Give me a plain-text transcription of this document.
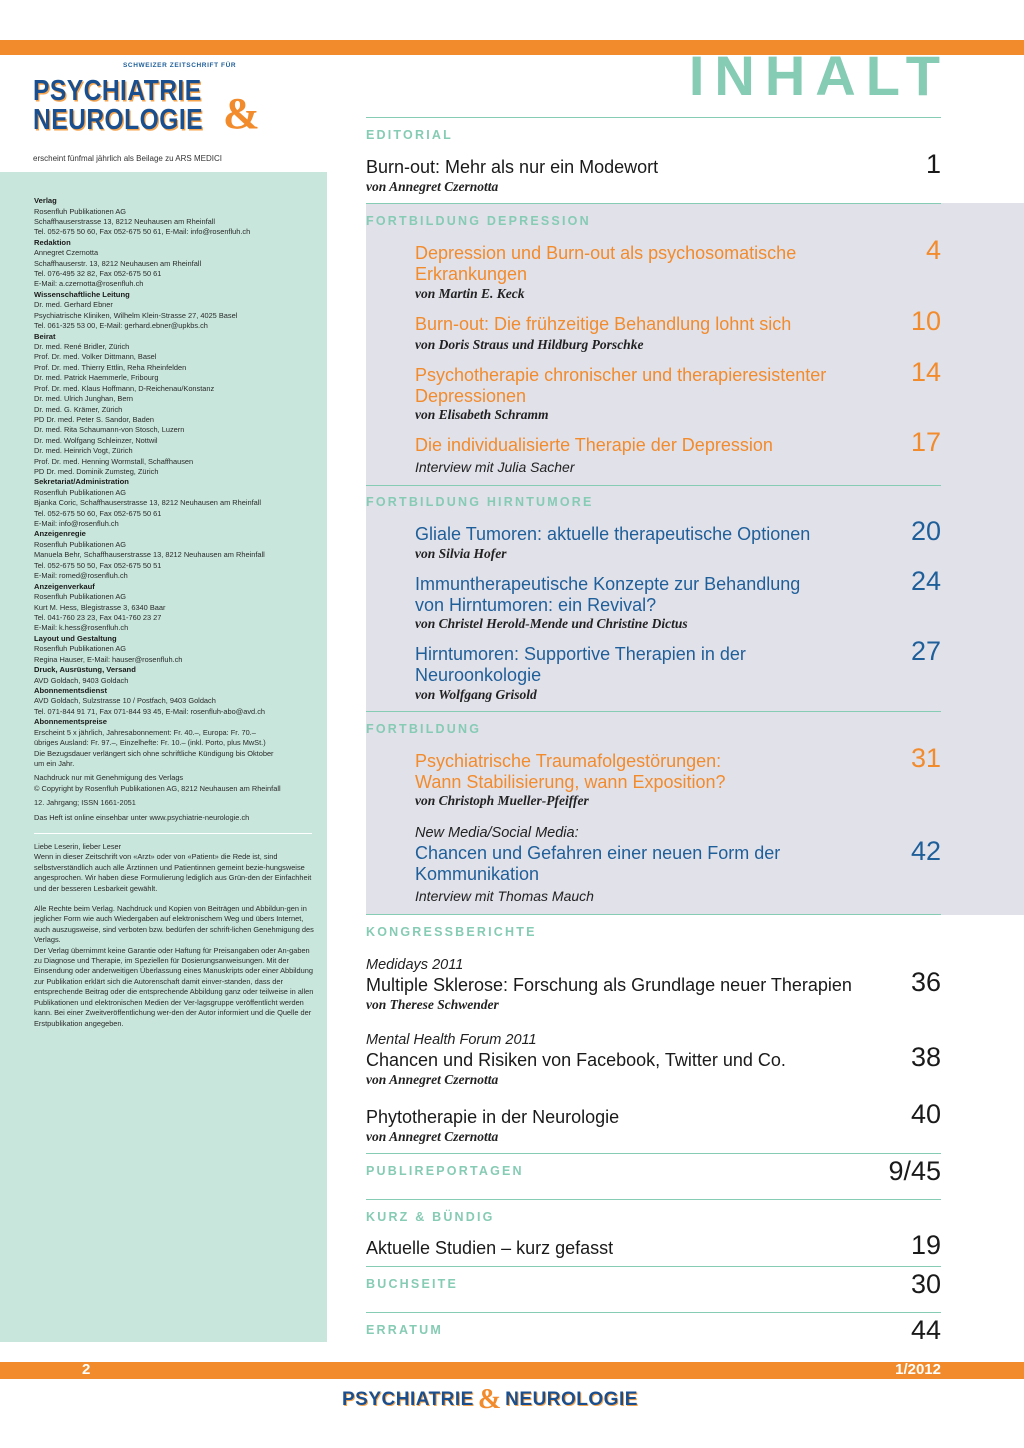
SCHWEIZER ZEITSCHRIFT FÜR
PSYCHIATRIE
NEUROLOGIE &
erscheint fünfmal jährlich als Beilage zu ARS MEDICI
INHALT
Verlag
Rosenfluh Publikationen AG
Schaffhauserstrasse 13, 8212 Neuhausen am Rheinfall
Tel. 052-675 50 60, Fax 052-675 50 61, E-Mail: info@rosenfluh.ch
Redaktion
Annegret Czernotta
Schaffhauserstr. 13, 8212 Neuhausen am Rheinfall
Tel. 076-495 32 82, Fax 052-675 50 61
E-Mail: a.czernotta@rosenfluh.ch
Wissenschaftliche Leitung
Dr. med. Gerhard Ebner
Psychiatrische Kliniken, Wilhelm Klein-Strasse 27, 4025 Basel
Tel. 061-325 53 00, E-Mail: gerhard.ebner@upkbs.ch
Beirat
Dr. med. René Bridler, Zürich
Prof. Dr. med. Volker Dittmann, Basel
Prof. Dr. med. Thierry Ettlin, Reha Rheinfelden
Dr. med. Patrick Haemmerle, Fribourg
Prof. Dr. med. Klaus Hoffmann, D-Reichenau/Konstanz
Dr. med. Ulrich Junghan, Bern
Dr. med. G. Krämer, Zürich
PD Dr. med. Peter S. Sandor, Baden
Dr. med. Rita Schaumann-von Stosch, Luzern
Dr. med. Wolfgang Schleinzer, Nottwil
Dr. med. Heinrich Vogt, Zürich
Prof. Dr. med. Henning Wormstall, Schaffhausen
PD Dr. med. Dominik Zumsteg, Zürich
Sekretariat/Administration
Rosenfluh Publikationen AG
Bjanka Coric, Schaffhauserstrasse 13, 8212 Neuhausen am Rheinfall
Tel. 052-675 50 60, Fax 052-675 50 61
E-Mail: info@rosenfluh.ch
Anzeigenregie
Rosenfluh Publikationen AG
Manuela Behr, Schaffhauserstrasse 13, 8212 Neuhausen am Rheinfall
Tel. 052-675 50 50, Fax 052-675 50 51
E-Mail: romed@rosenfluh.ch
Anzeigenverkauf
Rosenfluh Publikationen AG
Kurt M. Hess, Blegistrasse 3, 6340 Baar
Tel. 041-760 23 23, Fax 041-760 23 27
E-Mail: k.hess@rosenfluh.ch
Layout und Gestaltung
Rosenfluh Publikationen AG
Regina Hauser, E-Mail: hauser@rosenfluh.ch
Druck, Ausrüstung, Versand
AVD Goldach, 9403 Goldach
Abonnementsdienst
AVD Goldach, Sulzstrasse 10 / Postfach, 9403 Goldach
Tel. 071-844 91 71, Fax 071-844 93 45, E-Mail: rosenfluh-abo@avd.ch
Abonnementspreise
Erscheint 5 x jährlich, Jahresabonnement: Fr. 40.–, Europa: Fr. 70.–
übriges Ausland: Fr. 97.–, Einzelhefte: Fr. 10.– (inkl. Porto, plus MwSt.)
Die Bezugsdauer verlängert sich ohne schriftliche Kündigung bis Oktober
um ein Jahr.
Nachdruck nur mit Genehmigung des Verlags
© Copyright by Rosenfluh Publikationen AG, 8212 Neuhausen am Rheinfall
12. Jahrgang; ISSN 1661-2051
Das Heft ist online einsehbar unter www.psychiatrie-neurologie.ch
Liebe Leserin, lieber Leser
Wenn in dieser Zeitschrift von «Arzt» oder von «Patient» die Rede ist, sind selbstverständlich auch alle Ärztinnen und Patientinnen gemeint bezie-hungsweise angesprochen. Wir haben diese Formulierung lediglich aus Grün-den der Einfachheit und der besseren Lesbarkeit gewählt.
Alle Rechte beim Verlag. Nachdruck und Kopien von Beiträgen und Abbildun-gen in jeglicher Form wie auch Wiedergaben auf elektronischem Weg und übers Internet, auch auszugsweise, sind verboten bzw. bedürfen der schrift-lichen Genehmigung des Verlags.
Der Verlag übernimmt keine Garantie oder Haftung für Preisangaben oder An-gaben zu Diagnose und Therapie, im Speziellen für Dosierungsanweisungen. Mit der Einsendung oder anderweitigen Überlassung eines Manuskripts oder einer Abbildung zur Publikation erklärt sich die Autorenschaft damit einver-standen, dass der entsprechende Beitrag oder die entsprechende Abbildung ganz oder teilweise in allen Publikationen und elektronischen Medien der Ver-lagsgruppe veröffentlicht werden kann. Bei einer Zweitveröffentlichung wer-den der Autor informiert und die Quelle der Erstpublikation angegeben.
EDITORIAL
Burn-out: Mehr als nur ein Modewort
von Annegret Czernotta
1
FORTBILDUNG DEPRESSION
Depression und Burn-out als psychosomatische
Erkrankungen
von Martin E. Keck
4
Burn-out: Die frühzeitige Behandlung lohnt sich
von Doris Straus und Hildburg Porschke
10
Psychotherapie chronischer und therapieresistenter
Depressionen
von Elisabeth Schramm
14
Die individualisierte Therapie der Depression
Interview mit Julia Sacher
17
FORTBILDUNG HIRNTUMORE
Gliale Tumoren: aktuelle therapeutische Optionen
von Silvia Hofer
20
Immuntherapeutische Konzepte zur Behandlung
von Hirntumoren: ein Revival?
von Christel Herold-Mende und Christine Dictus
24
Hirntumoren: Supportive Therapien in der
Neuroonkologie
von Wolfgang Grisold
27
FORTBILDUNG
Psychiatrische Traumafolgestörungen:
Wann Stabilisierung, wann Exposition?
von Christoph Mueller-Pfeiffer
31
New Media/Social Media:
Chancen und Gefahren einer neuen Form der
Kommunikation
Interview mit Thomas Mauch
42
KONGRESSBERICHTE
Medidays 2011
Multiple Sklerose: Forschung als Grundlage neuer Therapien
von Therese Schwender
36
Mental Health Forum 2011
Chancen und Risiken von Facebook, Twitter und Co.
von Annegret Czernotta
38
Phytotherapie in der Neurologie
von Annegret Czernotta
40
PUBLIREPORTAGEN	9/45
KURZ & BÜNDIG
Aktuelle Studien – kurz gefasst	19
BUCHSEITE	30
ERRATUM	44
2	1/2012
PSYCHIATRIE & NEUROLOGIE
